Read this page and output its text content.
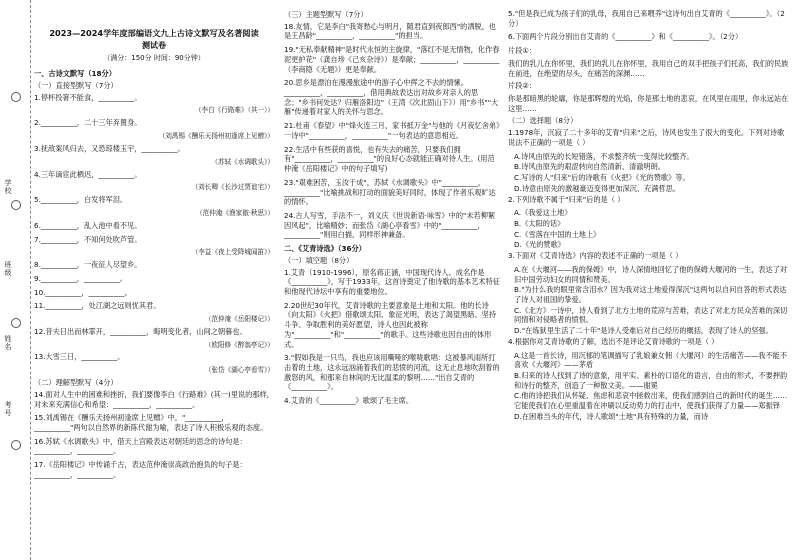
学
校
班
级
姓
名
考
号
2023—2024学年度部编语文九上古诗文默写及名著阅读
测试卷
（满分：150分 时间：90分钟）
一、古诗文默写（18分）
（一）直接型默写（7分）
1.停杯投箸不能食，__________。
（李白《行路难》（其一））
2.__________，二十三年弃置身。
（刘禹锡《酬乐天扬州初逢席上见赠》）
3.抚敌案风归去，又恐琼楼玉宇，__________。
（苏轼《水调歌头》）
4.三年谪宦此栖迟，__________。
（刘长卿《长沙过贾谊宅》）
5.__________，白发将军泪。
（范仲淹《渔家傲·秋思》）
6.__________，乱入池中看不见。
7.__________，不知何处吹芦管。
（李益《夜上受降城闻笛》）
8.__________，一夜征人尽望乡。
9.__________，__________。
10.__________，__________。
11.__________，处江湖之远则忧其君。
（范仲淹《岳阳楼记》）
12.昔夫日出而林霏开，__________，晦明变化者，山间之朝暮也。
（欧阳修《醉翁亭记》）
13.大雪三日，__________。
（张岱《湖心亭看雪》）
（二）理解型默写（4分）
14.面对人生中的困难和挫折，我们要像李白《行路难》(其一)里说的那样，对未来充满信心和希望：__________，__________。
15.刘禹锡在《酬乐天扬州初逢席上见赠》中，"__________，__________"两句以自然界的新陈代谢为喻，表达了诗人积极乐观的态度。
16.苏轼《水调歌头》中，借天上宫殿表达对朝廷的思念的诗句是：__________，__________。
17.《岳阳楼记》中传诵千古，表达范仲淹崇高政治抱负的句子是：__________，__________。
（三）主题型默写（7分）
18.友情，它是李白"我寄愁心与明月，随君直到夜郎西"的洒脱，也是王昌龄"__________，__________"的担当。
19."无私奉献精神"是时代永恒的主旋律，"落红不是无情物，化作春泥更护花"（龚自珍《己亥杂诗》）是奉献；__________，__________（李商隐《无题》）更是奉献。
20.思乡是漂泊在漫漫旅途中的游子心中挥之不去的情愫。__________，__________，借用典故表达出对故乡对亲人的思念；"乡书何处达？归雁洛阳边"（王湾《次北固山下》）用"乡书""大雁"传递着对家人的关怀与思念。
21.杜甫《春望》中"烽火连三月，家书抵万金"与他的《月夜忆舍弟》一诗中"__________，__________"一句表达的意思相近。
22.生活中有些获的喜悦，也有失去的痛苦，只要我们拥有"__________，__________"的良好心态就能正确对待人生。(用范仲淹《岳阳楼记》中的句子填写)
23."艰难困苦，玉汝于成"，苏轼《水调歌头》中"__________，__________"比喻挑战和打动的面貌美好同时，体现了作者乐观旷达的情怀。
24.古人写雪，手法不一，刘义庆《世说新语·咏雪》中的"未若柳絮因风起"，比喻精妙；而张岱《湖心亭看雪》中的"__________，__________"则用白描，同样形神兼备。
二、《艾青诗选》（36分）
（一）填空题（8分）
1.艾青（1910-1996），原名蒋正涵，中国现代诗人。成名作是《__________》，写于1933年，这首诗奠定了他诗歌的基本艺术特征和他现代诗坛中享有的重要地位。
2.20世纪30年代，艾青诗歌的主要意象是土地和太阳。他的长诗《向太阳》《火把》借歌颂太阳、象征光明，表达了渴望黑暗、坚持斗争、争取胜利的美好愿望，诗人也因此被称为"__________"和"__________"的歌手。这些诗歌也因自由的体形式。
3."假如我是一只鸟，我也应该用嘶哑的喉咙歌唱：这被暴风雨所打击着的土地，这永远汹涌着我们的悲愤的河流，这无止息地吹刮着的激怒的风，和那来自林间的无比温柔的黎明……"出自艾青的《__________》。
4.艾青的《__________》歌颂了毛主席。
5."但是我已成为孩子们的乳母，我用自己来喂养"这诗句出自艾青的《__________》。（2分）
6.下面两个片段分别出自艾青的《__________》和《__________》。（2分）
片段①：
我们的乳儿在你怀里，我们的乳儿在你怀里，我用自己的双手把孩子们托高，我们的民族在前进，在绝望的尽头，在痛苦的深渊……
片段②：
你是那暗黑的轮廓，你是那辉煌的光焰，你是那土地的悲哀，在风里在雨里，你永远站在这里……
（二）选择题（8分）
1.1978年，沉寂了二十多年的艾青"归来"之后，诗风也发生了很大的变化。下列对诗歌说法不正确的一项是（ ）
A.诗风由原先的长短错落，不求整齐统一变得比较整齐。
B.诗风由原先的艰涩转向自然清新、清澈明朗。
C.写诗的人"归来"后的诗歌有《火把》《光的赞歌》等。
D.诗意由原先的激越豪迈变得更加深沉、充满哲思。
2.下列诗歌不属于"归来"后的是（ ）
A.《我爱这土地》
B.《太阳的话》
C.《雪落在中国的土地上》
D.《光的赞歌》
3.下面对《艾青诗选》内容的表述不正确的一项是（ ）
A.在《大堰河——我的保姆》中，诗人深情地回忆了他的保姆大堰河的一生，表达了对旧中国劳动妇女的同情和赞美。
B."为什么我的眼里常含泪水？因为我对这土地爱得深沉"这两句以自问自答的形式表达了诗人对祖国的挚爱。
C.《北方》一诗中，诗人看到了北方土地的荒凉与苦难，表达了对北方民众苦难的深切同情和对侵略者的愤恨。
D."在炼狱里生活了二十年"是诗人受难后对自己经历的概括，表现了诗人的坚强。
4.根据你对艾青诗歌的了解，选出不是评论艾青诗歌的一项是（ ）
A.这是一首长诗，用沉郁的笔调描写了乳娘兼女佣（大堰河）的生活痛苦——我不能不喜欢《大堰河》——茅盾
B.归来的诗人找到了诗的意象，用平实、素朴的口语化的语言，自由的形式，不要押韵和诗行的整齐，创造了一种散文美。——谢冕
C.他的诗把我们从怀疑、焦虑和悲哀中拯救出来，使我们感到自己的新时代的诞生……它能使我们在心里重温着在冲刷以反动势力的打击中，使我们获得了力量——郑振铎
D.在困难当头的年代，诗人歌颂"土地"具有特殊的力量，而诗
